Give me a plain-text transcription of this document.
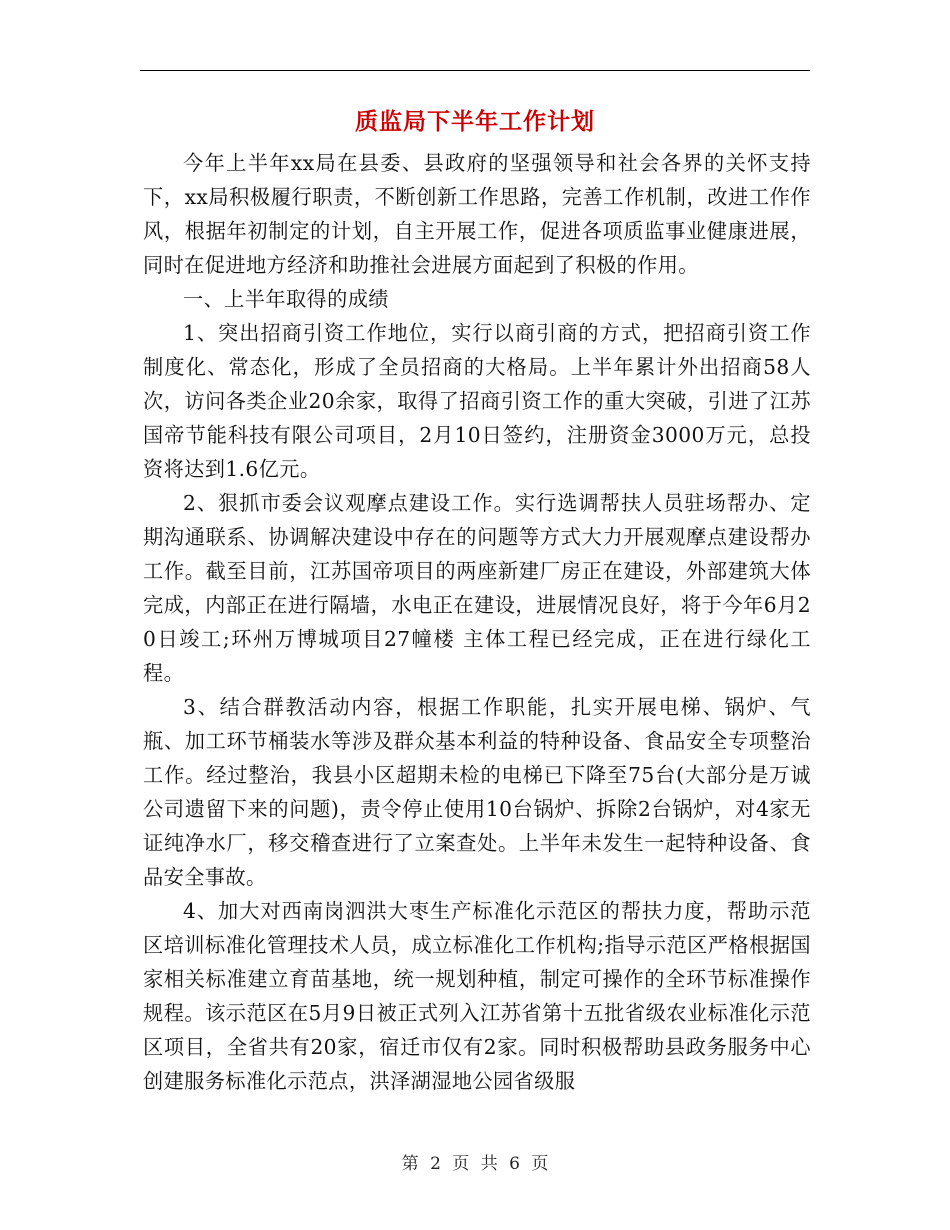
质监局下半年工作计划

今年上半年xx局在县委、县政府的坚强领导和社会各界的关怀支持下，xx局积极履行职责，不断创新工作思路，完善工作机制，改进工作作风，根据年初制定的计划，自主开展工作，促进各项质监事业健康进展，同时在促进地方经济和助推社会进展方面起到了积极的作用。

一、上半年取得的成绩

1、突出招商引资工作地位，实行以商引商的方式，把招商引资工作制度化、常态化，形成了全员招商的大格局。上半年累计外出招商58人次，访问各类企业20余家，取得了招商引资工作的重大突破，引进了江苏国帝节能科技有限公司项目，2月10日签约，注册资金3000万元，总投资将达到1.6亿元。

2、狠抓市委会议观摩点建设工作。实行选调帮扶人员驻场帮办、定期沟通联系、协调解决建设中存在的问题等方式大力开展观摩点建设帮办工作。截至目前，江苏国帝项目的两座新建厂房正在建设，外部建筑大体完成，内部正在进行隔墙，水电正在建设，进展情况良好，将于今年6月20日竣工;环州万博城项目27幢楼 主体工程已经完成，正在进行绿化工程。

3、结合群教活动内容，根据工作职能，扎实开展电梯、锅炉、气瓶、加工环节桶装水等涉及群众基本利益的特种设备、食品安全专项整治工作。经过整治，我县小区超期未检的电梯已下降至75台(大部分是万诚公司遗留下来的问题)，责令停止使用10台锅炉、拆除2台锅炉，对4家无证纯净水厂，移交稽查进行了立案查处。上半年未发生一起特种设备、食品安全事故。

4、加大对西南岗泗洪大枣生产标准化示范区的帮扶力度，帮助示范区培训标准化管理技术人员，成立标准化工作机构;指导示范区严格根据国家相关标准建立育苗基地，统一规划种植，制定可操作的全环节标准操作规程。该示范区在5月9日被正式列入江苏省第十五批省级农业标准化示范区项目，全省共有20家，宿迁市仅有2家。同时积极帮助县政务服务中心创建服务标准化示范点，洪泽湖湿地公园省级服

第 2 页 共 6 页
